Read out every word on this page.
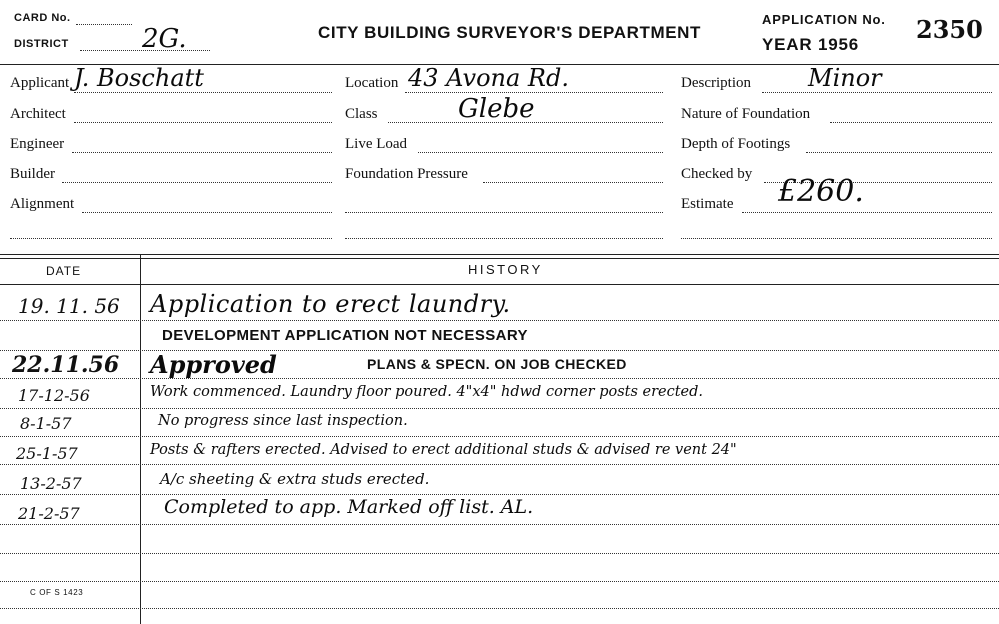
CARD No.
DISTRICT	2G.	CITY BUILDING SURVEYOR'S DEPARTMENT
APPLICATION No. 2350
YEAR 1956
Applicant J. Boschatt
Architect
Engineer
Builder
Alignment
Location 43 Avona Rd.
Class	Glebe
Live Load
Foundation Pressure
Description Minor
Nature of Foundation
Depth of Footings
Checked by
Estimate £260.
DATE	HISTORY
19. 11. 56 Application to erect laundry.
DEVELOPMENT APPLICATION NOT NECESSARY
22.11.56 Approved	PLANS & SPECN. ON JOB CHECKED
17-12-56	Work commenced. Laundry floor poured. 4"x4" hdwd corner posts erected.
8-1-57	No progress since last inspection.
25-1-57	Posts & rafters erected. Advised to erect additional studs & advised re vent 24"
13-2-57	A/c sheeting & extra studs erected.
21-2-57	Completed to app. Marked off list. AL.
C OF S 1423
